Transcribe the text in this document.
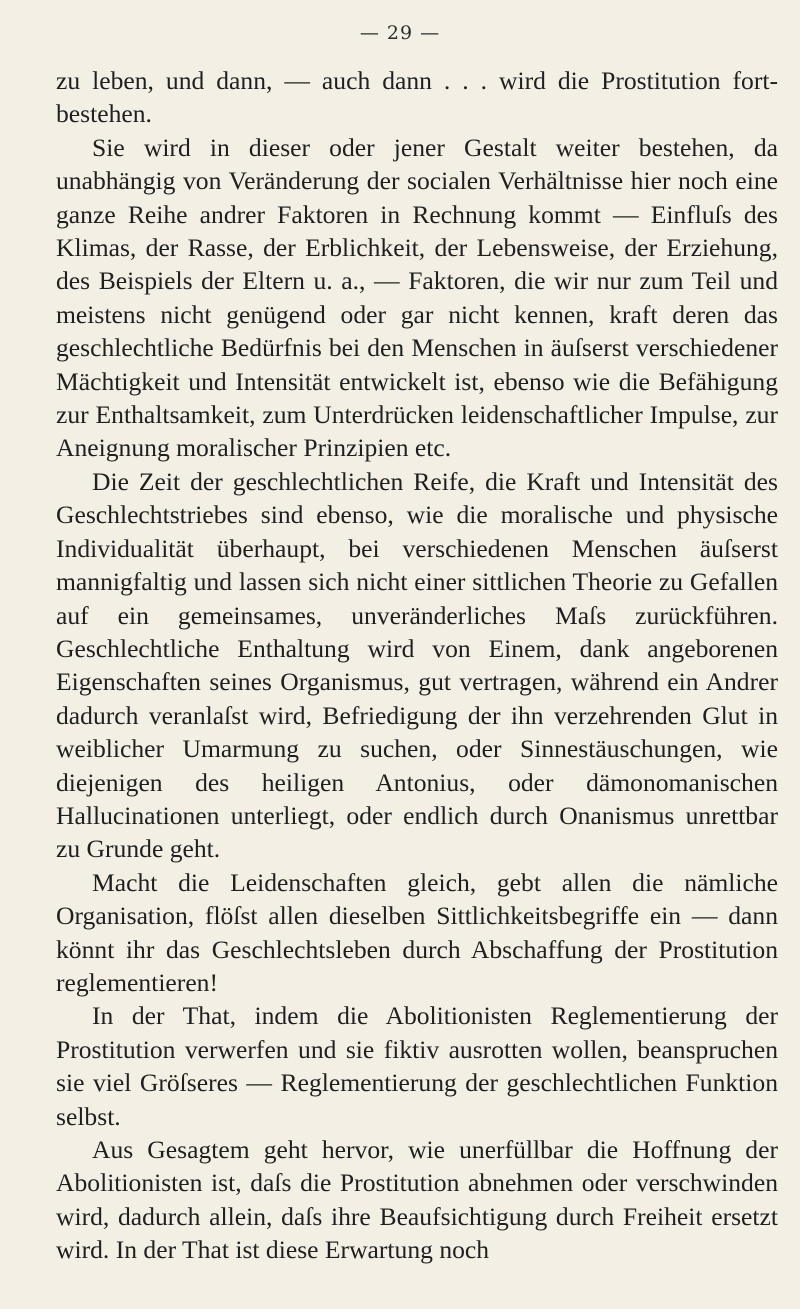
— 29 —

zu leben, und dann, — auch dann . . . wird die Prostitution fort-bestehen.

Sie wird in dieser oder jener Gestalt weiter bestehen, da unabhängig von Veränderung der socialen Verhältnisse hier noch eine ganze Reihe andrer Faktoren in Rechnung kommt — Einfluſs des Klimas, der Rasse, der Erblichkeit, der Lebensweise, der Erziehung, des Beispiels der Eltern u. a., — Faktoren, die wir nur zum Teil und meistens nicht genügend oder gar nicht kennen, kraft deren das geschlechtliche Bedürfnis bei den Menschen in äuſserst verschiedener Mächtigkeit und Intensität entwickelt ist, ebenso wie die Befähigung zur Enthaltsamkeit, zum Unterdrücken leidenschaftlicher Impulse, zur Aneignung moralischer Prinzipien etc.

Die Zeit der geschlechtlichen Reife, die Kraft und Intensität des Geschlechtstriebes sind ebenso, wie die moralische und physische Individualität überhaupt, bei verschiedenen Menschen äuſserst mannigfaltig und lassen sich nicht einer sittlichen Theorie zu Gefallen auf ein gemeinsames, unveränderliches Maſs zurückführen. Geschlechtliche Enthaltung wird von Einem, dank angeborenen Eigenschaften seines Organismus, gut vertragen, während ein Andrer dadurch veranlaſst wird, Befriedigung der ihn verzehrenden Glut in weiblicher Umarmung zu suchen, oder Sinnestäuschungen, wie diejenigen des heiligen Antonius, oder dämonomanischen Hallucinationen unterliegt, oder endlich durch Onanismus unrettbar zu Grunde geht.

Macht die Leidenschaften gleich, gebt allen die nämliche Organisation, flöſst allen dieselben Sittlichkeitsbegriffe ein — dann könnt ihr das Geschlechtsleben durch Abschaffung der Prostitution reglementieren!

In der That, indem die Abolitionisten Reglementierung der Prostitution verwerfen und sie fiktiv ausrotten wollen, beanspruchen sie viel Gröſseres — Reglementierung der geschlechtlichen Funktion selbst.

Aus Gesagtem geht hervor, wie unerfüllbar die Hoffnung der Abolitionisten ist, daſs die Prostitution abnehmen oder verschwinden wird, dadurch allein, daſs ihre Beaufsichtigung durch Freiheit ersetzt wird. In der That ist diese Erwartung noch
